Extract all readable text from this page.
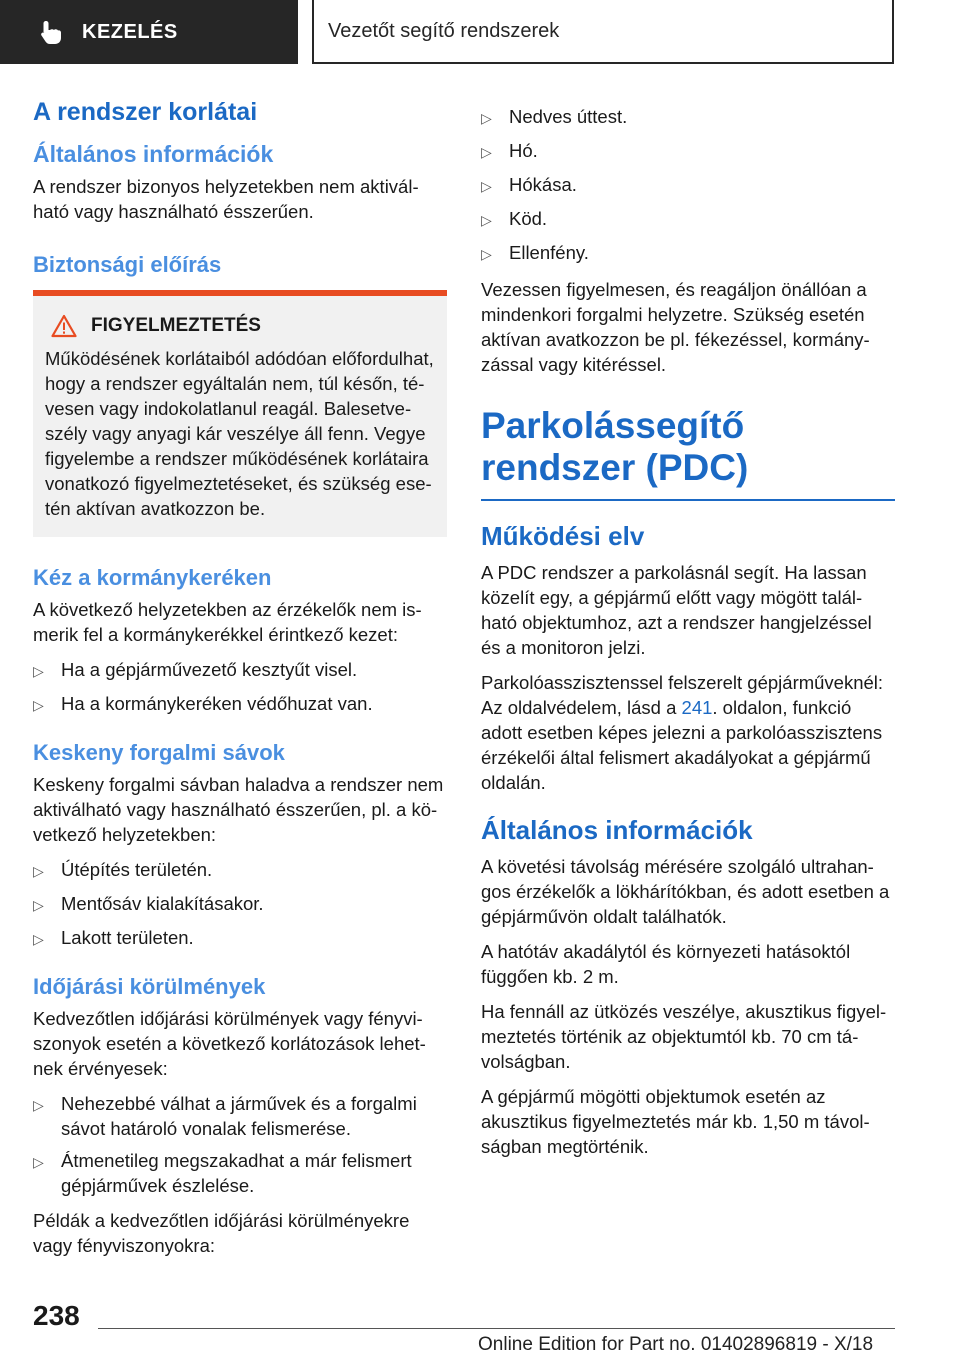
KEZELÉS	Vezetőt segítő rendszerek
A rendszer korlátai
Általános információk

A rendszer bizonyos helyzetekben nem aktivál-ható vagy használható ésszerűen.

Biztonsági előírás
FIGYELMEZTETÉS

Működésének korlátaiból adódóan előfordulhat, hogy a rendszer egyáltalán nem, túl későn, té-vesen vagy indokolatlanul reagál. Balesetve-szély vagy anyagi kár veszélye áll fenn. Vegye figyelembe a rendszer működésének korlátaira vonatkozó figyelmeztetéseket, és szükség ese-tén aktívan avatkozzon be.

Kéz a kormánykeréken

A következő helyzetekben az érzékelők nem is-merik fel a kormánykerékkel érintkező kezet:

▷ Ha a gépjárművezető kesztyűt visel.
▷ Ha a kormánykeréken védőhuzat van.
Keskeny forgalmi sávok

Keskeny forgalmi sávban haladva a rendszer nem aktiválható vagy használható ésszerűen, pl. a kö-vetkező helyzetekben:

▷ Útépítés területén.
▷ Mentősáv kialakításakor.
▷ Lakott területen.
Időjárási körülmények

Kedvezőtlen időjárási körülmények vagy fényvi-szonyok esetén a következő korlátozások lehet-nek érvényesek:

▷ Nehezebbé válhat a járművek és a forgalmi sávot határoló vonalak felismerése.
▷ Átmenetileg megszakadhat a már felismert gépjárművek észlelése.

Példák a kedvezőtlen időjárási körülményekre vagy fényviszonyokra:

▷ Nedves úttest.
▷ Hó.
▷ Hókása.
▷ Köd.
▷ Ellenfény.

Vezessen figyelmesen, és reagáljon önállóan a mindenkori forgalmi helyzetre. Szükség esetén aktívan avatkozzon be pl. fékezéssel, kormány-zással vagy kitéréssel.

Parkolássegítő rendszer (PDC)
Működési elv

A PDC rendszer a parkolásnál segít. Ha lassan közelít egy, a gépjármű előtt vagy mögött talál-ható objektumhoz, azt a rendszer hangjelzéssel és a monitoron jelzi.

Parkolóasszisztenssel felszerelt gépjárműveknél: Az oldalvédelem, lásd a 241. oldalon, funkció adott esetben képes jelezni a parkolóasszisztens érzékelői által felismert akadályokat a gépjármű oldalán.

Általános információk

A követési távolság mérésére szolgáló ultrahan-gos érzékelők a lökhárítókban, és adott esetben a gépjárművön oldalt találhatók.

A hatótáv akadálytól és környezeti hatásoktól függően kb. 2 m.

Ha fennáll az ütközés veszélye, akusztikus figyel-meztetés történik az objektumtól kb. 70 cm tá-volságban.

A gépjármű mögötti objektumok esetén az akusztikus figyelmeztetés már kb. 1,50 m távol-ságban megtörténik.

238
Online Edition for Part no. 01402896819 - X/18
